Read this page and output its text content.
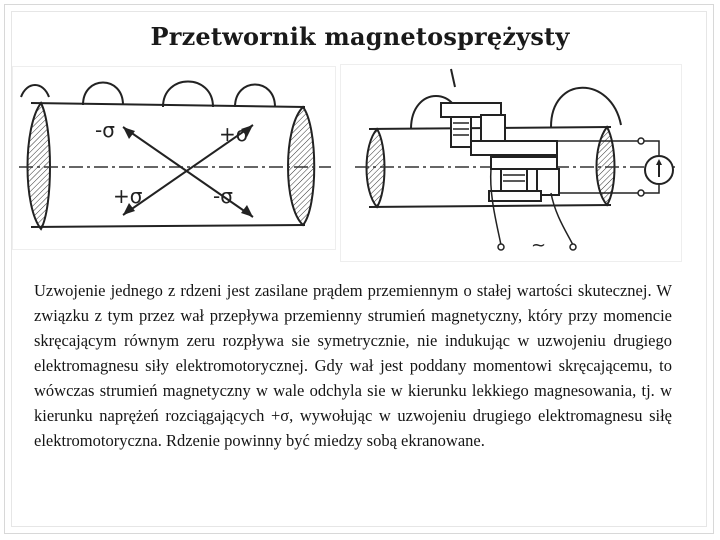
Przetwornik magnetosprężysty
-σ	+σ
+σ	-σ
~
Uzwojenie jednego z rdzeni jest zasilane prądem przemiennym o stałej wartości skutecznej. W związku z tym przez wał przepływa przemienny strumień magnetyczny, który przy momencie skręcającym równym zeru rozpływa sie symetrycznie, nie indukując w uzwojeniu drugiego elektromagnesu siły elektromotorycznej. Gdy wał jest poddany momentowi skręcającemu, to wówczas strumień magnetyczny w wale odchyla sie w kierunku lekkiego magnesowania, tj. w kierunku naprężeń rozciągających +σ, wywołując w uzwojeniu drugiego elektromagnesu siłę elektromotoryczna. Rdzenie powinny być miedzy sobą ekranowane.
